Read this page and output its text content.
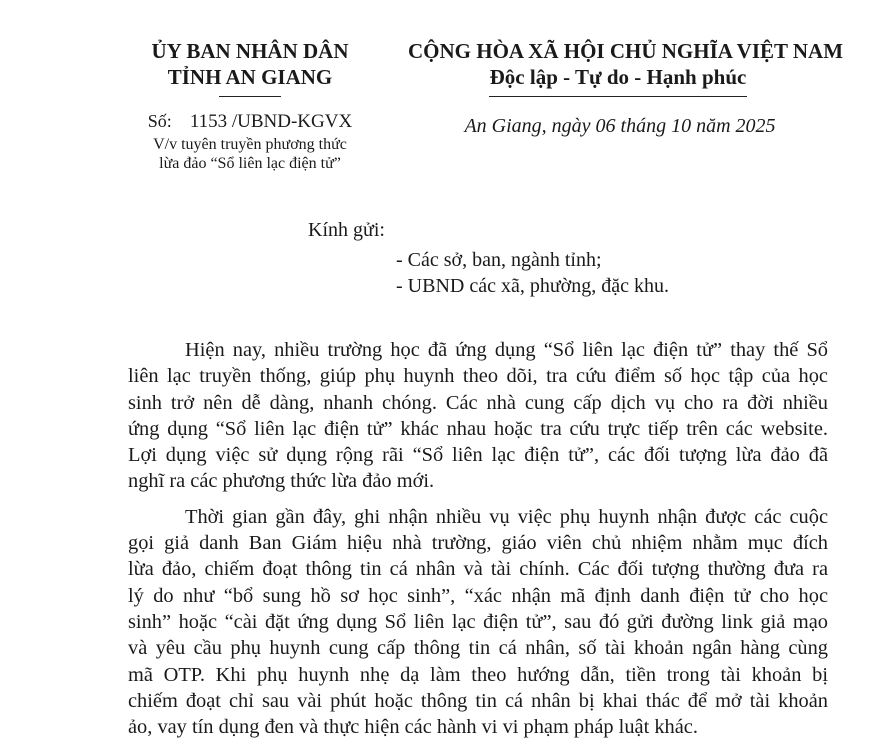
ỦY BAN NHÂN DÂN
TỈNH AN GIANG
CỘNG HÒA XÃ HỘI CHỦ NGHĨA VIỆT NAM
Độc lập - Tự do - Hạnh phúc
Số: 1153 /UBND-KGVX
V/v tuyên truyền phương thức
lừa đảo “Sổ liên lạc điện tử”
An Giang, ngày 06 tháng 10 năm 2025
Kính gửi:
- Các sở, ban, ngành tỉnh;
- UBND các xã, phường, đặc khu.
Hiện nay, nhiều trường học đã ứng dụng “Sổ liên lạc điện tử” thay thế Sổ
liên lạc truyền thống, giúp phụ huynh theo dõi, tra cứu điểm số học tập của học
sinh trở nên dễ dàng, nhanh chóng. Các nhà cung cấp dịch vụ cho ra đời nhiều
ứng dụng “Sổ liên lạc điện tử” khác nhau hoặc tra cứu trực tiếp trên các website.
Lợi dụng việc sử dụng rộng rãi “Sổ liên lạc điện tử”, các đối tượng lừa đảo đã
nghĩ ra các phương thức lừa đảo mới.
Thời gian gần đây, ghi nhận nhiều vụ việc phụ huynh nhận được các cuộc
gọi giả danh Ban Giám hiệu nhà trường, giáo viên chủ nhiệm nhằm mục đích
lừa đảo, chiếm đoạt thông tin cá nhân và tài chính. Các đối tượng thường đưa ra
lý do như “bổ sung hồ sơ học sinh”, “xác nhận mã định danh điện tử cho học
sinh” hoặc “cài đặt ứng dụng Sổ liên lạc điện tử”, sau đó gửi đường link giả mạo
và yêu cầu phụ huynh cung cấp thông tin cá nhân, số tài khoản ngân hàng cùng
mã OTP. Khi phụ huynh nhẹ dạ làm theo hướng dẫn, tiền trong tài khoản bị
chiếm đoạt chỉ sau vài phút hoặc thông tin cá nhân bị khai thác để mở tài khoản
ảo, vay tín dụng đen và thực hiện các hành vi vi phạm pháp luật khác.
